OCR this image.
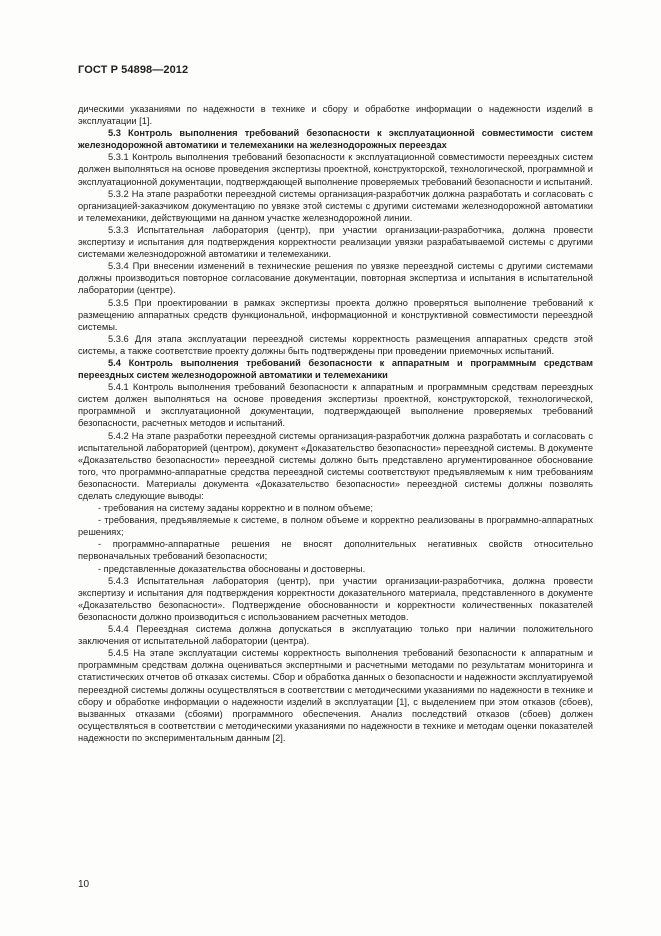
ГОСТ Р 54898—2012

дическими указаниями по надежности в технике и сбору и обработке информации о надежности изделий в эксплуатации [1].

5.3 Контроль выполнения требований безопасности к эксплуатационной совместимости систем железнодорожной автоматики и телемеханики на железнодорожных переездах

5.3.1 Контроль выполнения требований безопасности к эксплуатационной совместимости переездных систем должен выполняться на основе проведения экспертизы проектной, конструкторской, технологической, программной и эксплуатационной документации, подтверждающей выполнение проверяемых требований безопасности и испытаний.

5.3.2 На этапе разработки переездной системы организация-разработчик должна разработать и согласовать с организацией-заказчиком документацию по увязке этой системы с другими системами железнодорожной автоматики и телемеханики, действующими на данном участке железнодорожной линии.

5.3.3 Испытательная лаборатория (центр), при участии организации-разработчика, должна провести экспертизу и испытания для подтверждения корректности реализации увязки разрабатываемой системы с другими системами железнодорожной автоматики и телемеханики.

5.3.4 При внесении изменений в технические решения по увязке переездной системы с другими системами должны производиться повторное согласование документации, повторная экспертиза и испытания в испытательной лаборатории (центре).

5.3.5 При проектировании в рамках экспертизы проекта должно проверяться выполнение требований к размещению аппаратных средств функциональной, информационной и конструктивной совместимости переездной системы.

5.3.6 Для этапа эксплуатации переездной системы корректность размещения аппаратных средств этой системы, а также соответствие проекту должны быть подтверждены при проведении приемочных испытаний.

5.4 Контроль выполнения требований безопасности к аппаратным и программным средствам переездных систем железнодорожной автоматики и телемеханики

5.4.1 Контроль выполнения требований безопасности к аппаратным и программным средствам переездных систем должен выполняться на основе проведения экспертизы проектной, конструкторской, технологической, программной и эксплуатационной документации, подтверждающей выполнение проверяемых требований безопасности, расчетных методов и испытаний.

5.4.2 На этапе разработки переездной системы организация-разработчик должна разработать и согласовать с испытательной лабораторией (центром), документ «Доказательство безопасности» переездной системы. В документе «Доказательство безопасности» переездной системы должно быть представлено аргументированное обоснование того, что программно-аппаратные средства переездной системы соответствуют предъявляемым к ним требованиям безопасности. Материалы документа «Доказательство безопасности» переездной системы должны позволять сделать следующие выводы:

- требования на систему заданы корректно и в полном объеме;

- требования, предъявляемые к системе, в полном объеме и корректно реализованы в программно-аппаратных решениях;

- программно-аппаратные решения не вносят дополнительных негативных свойств относительно первоначальных требований безопасности;

- представленные доказательства обоснованы и достоверны.

5.4.3 Испытательная лаборатория (центр), при участии организации-разработчика, должна провести экспертизу и испытания для подтверждения корректности доказательного материала, представленного в документе «Доказательство безопасности». Подтверждение обоснованности и корректности количественных показателей безопасности должно производиться с использованием расчетных методов.

5.4.4 Переездная система должна допускаться в эксплуатацию только при наличии положительного заключения от испытательной лаборатории (центра).

5.4.5 На этапе эксплуатации системы корректность выполнения требований безопасности к аппаратным и программным средствам должна оцениваться экспертными и расчетными методами по результатам мониторинга и статистических отчетов об отказах системы. Сбор и обработка данных о безопасности и надежности эксплуатируемой переездной системы должны осуществляться в соответствии с методическими указаниями по надежности в технике и сбору и обработке информации о надежности изделий в эксплуатации [1], с выделением при этом отказов (сбоев), вызванных отказами (сбоями) программного обеспечения. Анализ последствий отказов (сбоев) должен осуществляться в соответствии с методическими указаниями по надежности в технике и методам оценки показателей надежности по экспериментальным данным [2].

10
